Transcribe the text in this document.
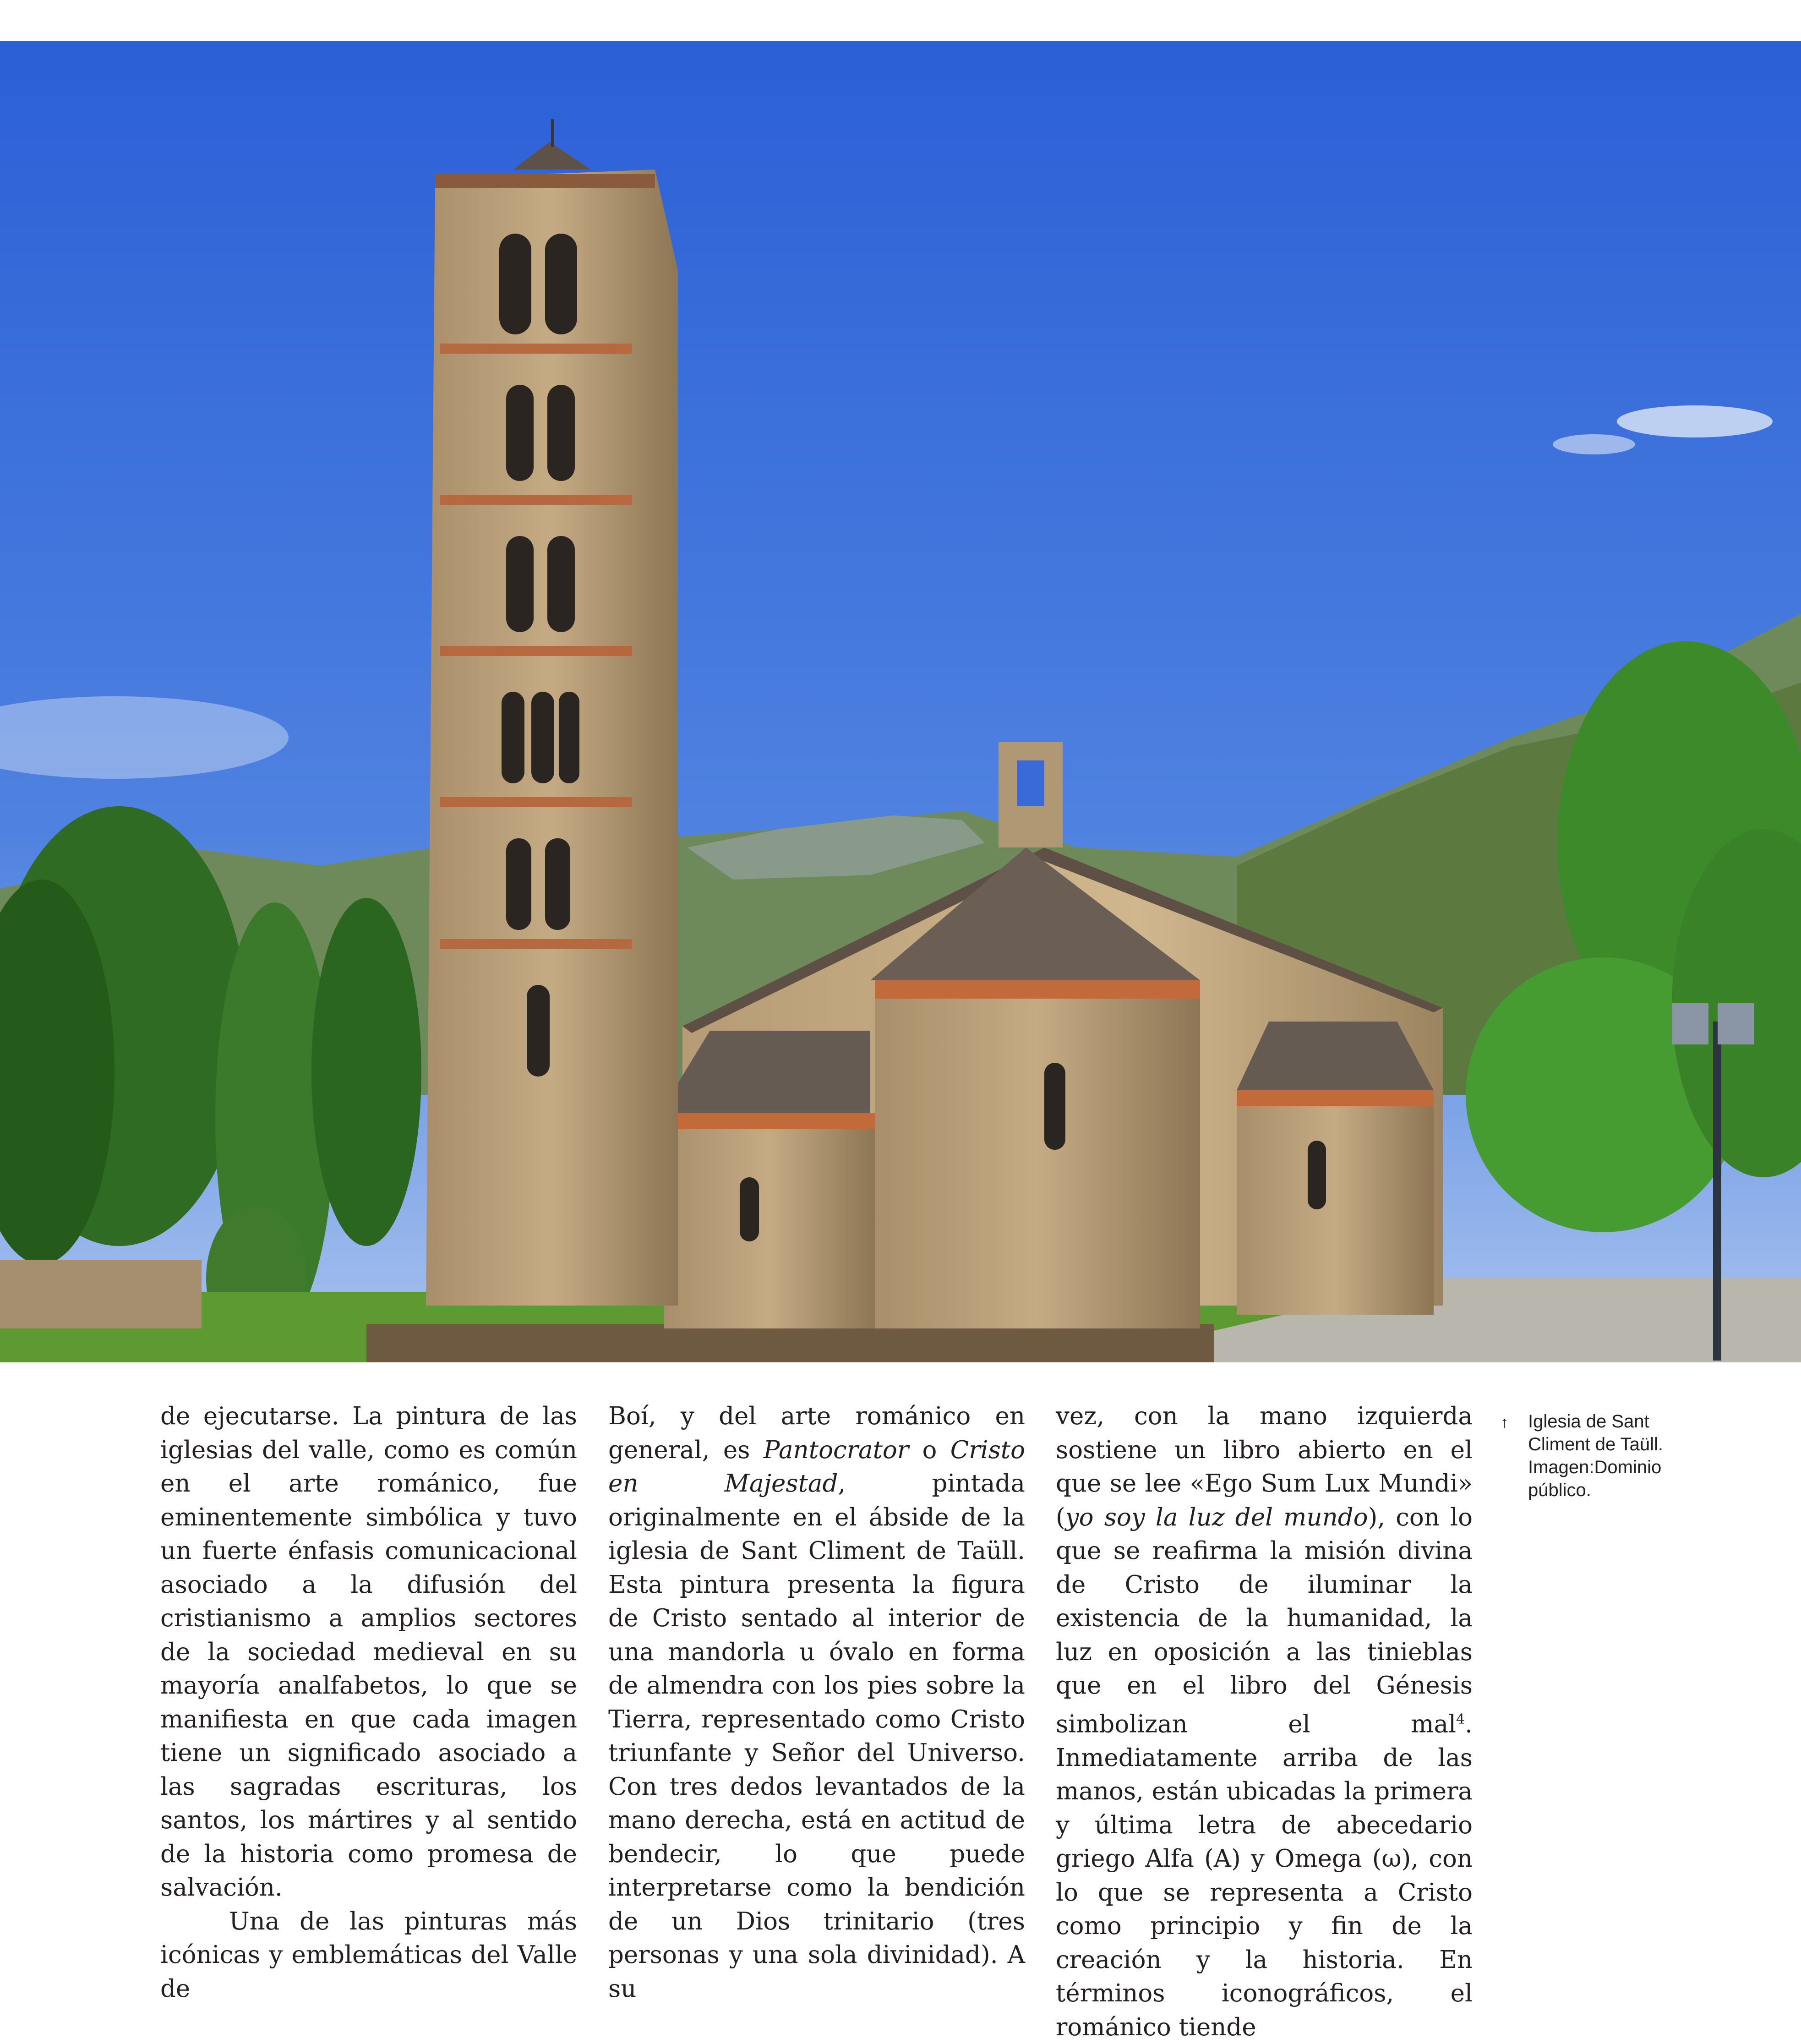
de ejecutarse. La pintura de las iglesias del valle, como es común en el arte románico, fue eminentemente simbólica y tuvo un fuerte énfasis comunicacional asociado a la difusión del cristianismo a amplios sectores de la sociedad medieval en su mayoría analfabetos, lo que se manifiesta en que cada imagen tiene un significado asociado a las sagradas escrituras, los santos, los mártires y al sentido de la historia como promesa de salvación.

Una de las pinturas más icónicas y emblemáticas del Valle de

Boí, y del arte románico en general, es Pantocrator o Cristo en Majestad, pintada originalmente en el ábside de la iglesia de Sant Climent de Taüll. Esta pintura presenta la figura de Cristo sentado al interior de una mandorla u óvalo en forma de almendra con los pies sobre la Tierra, representado como Cristo triunfante y Señor del Universo. Con tres dedos levantados de la mano derecha, está en actitud de bendecir, lo que puede interpretarse como la bendición de un Dios trinitario (tres personas y una sola divinidad). A su

vez, con la mano izquierda sostiene un libro abierto en el que se lee «Ego Sum Lux Mundi» (yo soy la luz del mundo), con lo que se reafirma la misión divina de Cristo de iluminar la existencia de la humanidad, la luz en oposición a las tinieblas que en el libro del Génesis simbolizan el mal$^4$. Inmediatamente arriba de las manos, están ubicadas la primera y última letra de abecedario griego Alfa (A) y Omega (ω), con lo que se representa a Cristo como principio y fin de la creación y la historia. En términos iconográficos, el románico tiende

↑ Iglesia de Sant
Climent de Taüll.
Imagen:Dominio
público.
